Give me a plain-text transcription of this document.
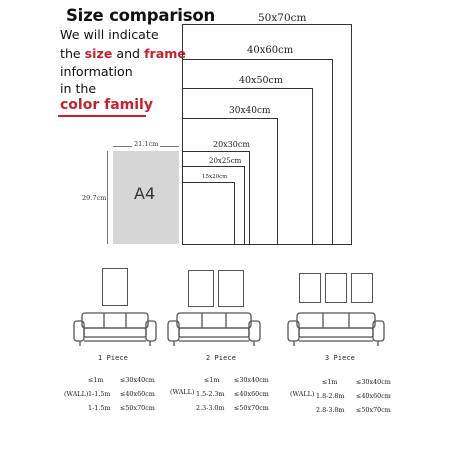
Size comparison
We will indicate
the size and frame
information
in the
color family
50x70cm
40x60cm
40x50cm
30x40cm
20x30cm
20x25cm
15x20cm
A4
21.1cm
29.7cm
1 Piece	2 Piece	3 Piece
≤1m	≤30x40cm
(WALL) 1-1.5m ≤40x60cm
1-1.5m ≤50x70cm
≤1m ≤30x40cm
(WALL) 1.5-2.3m ≤40x60cm
2.3-3.0m ≤50x70cm
≤1m	≤30x40cm
(WALL) 1.8-2.8m ≤40x60cm
2.8-3.8m ≤50x70cm
